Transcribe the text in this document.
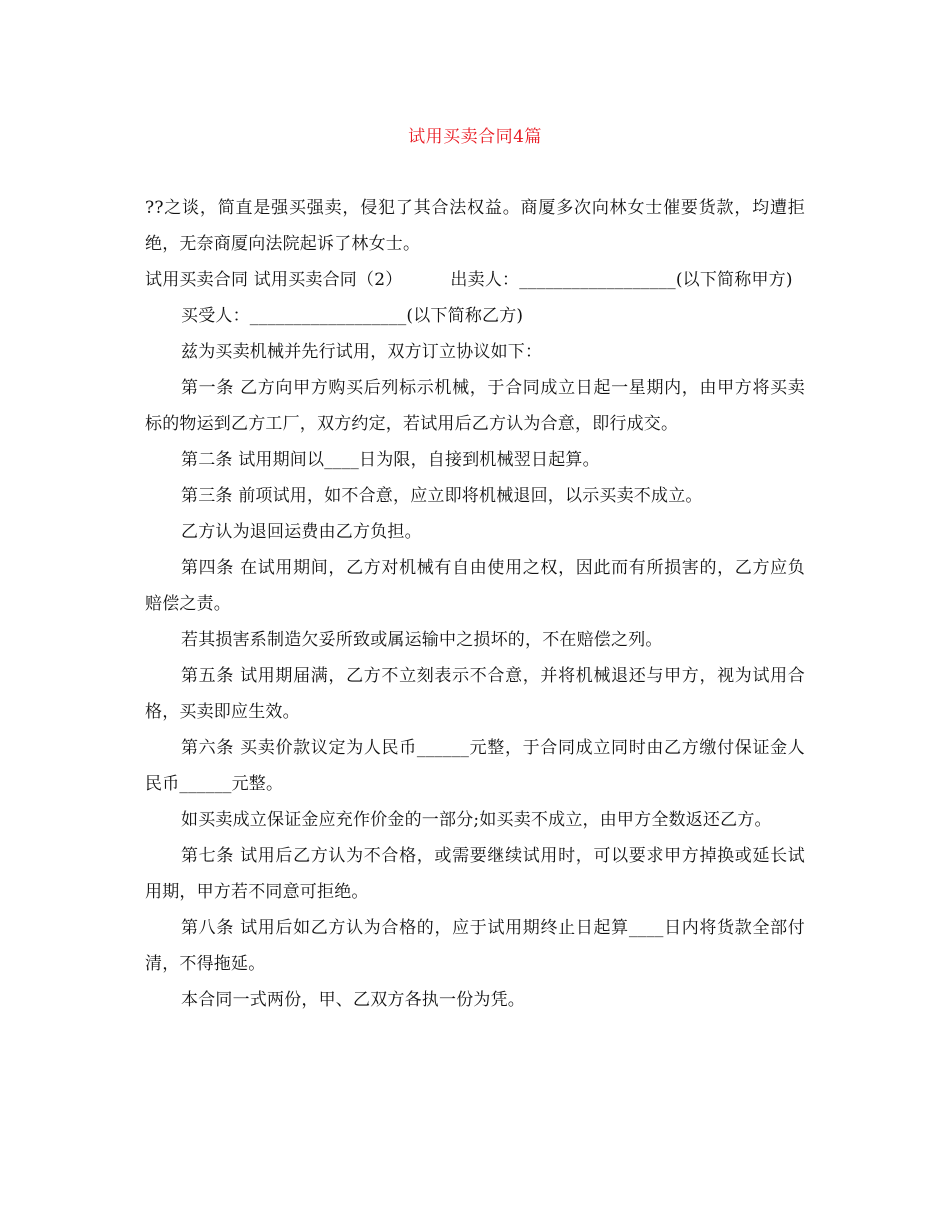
试用买卖合同4篇

??之谈，简直是强买强卖，侵犯了其合法权益。商厦多次向林女士催要货款，均遭拒绝，无奈商厦向法院起诉了林女士。

试用买卖合同 试用买卖合同（2）	出卖人：__________________(以下简称甲方)

买受人：__________________(以下简称乙方)

兹为买卖机械并先行试用，双方订立协议如下：

第一条 乙方向甲方购买后列标示机械，于合同成立日起一星期内，由甲方将买卖标的物运到乙方工厂，双方约定，若试用后乙方认为合意，即行成交。

第二条 试用期间以____日为限，自接到机械翌日起算。

第三条 前项试用，如不合意，应立即将机械退回，以示买卖不成立。

乙方认为退回运费由乙方负担。

第四条 在试用期间，乙方对机械有自由使用之权，因此而有所损害的，乙方应负赔偿之责。

若其损害系制造欠妥所致或属运输中之损坏的，不在赔偿之列。

第五条 试用期届满，乙方不立刻表示不合意，并将机械退还与甲方，视为试用合格，买卖即应生效。

第六条 买卖价款议定为人民币______元整，于合同成立同时由乙方缴付保证金人民币______元整。

如买卖成立保证金应充作价金的一部分;如买卖不成立，由甲方全数返还乙方。

第七条 试用后乙方认为不合格，或需要继续试用时，可以要求甲方掉换或延长试用期，甲方若不同意可拒绝。

第八条 试用后如乙方认为合格的，应于试用期终止日起算____日内将货款全部付清，不得拖延。

本合同一式两份，甲、乙双方各执一份为凭。
